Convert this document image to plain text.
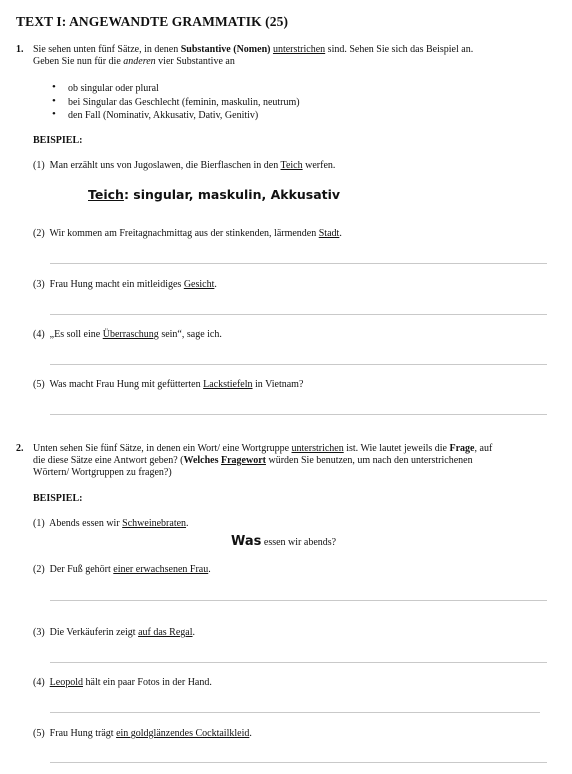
TEXT I: ANGEWANDTE GRAMMATIK (25)
1. Sie sehen unten fünf Sätze, in denen Substantive (Nomen) unterstrichen sind. Sehen Sie sich das Beispiel an.
Geben Sie nun für die anderen vier Substantive an
• ob singular oder plural
• bei Singular das Geschlecht (feminin, maskulin, neutrum)
• den Fall (Nominativ, Akkusativ, Dativ, Genitiv)
BEISPIEL:
(1) Man erzählt uns von Jugoslawen, die Bierflaschen in den Teich werfen.
Teich: singular, maskulin, Akkusativ
(2) Wir kommen am Freitagnachmittag aus der stinkenden, lärmenden Stadt.
(3) Frau Hung macht ein mitleidiges Gesicht.
(4) „Es soll eine Überraschung sein“, sage ich.
(5) Was macht Frau Hung mit gefütterten Lackstiefeln in Vietnam?
2. Unten sehen Sie fünf Sätze, in denen ein Wort/ eine Wortgruppe unterstrichen ist. Wie lautet jeweils die Frage, auf
die diese Sätze eine Antwort geben? (Welches Fragewort würden Sie benutzen, um nach den unterstrichenen
Wörtern/ Wortgruppen zu fragen?)
BEISPIEL:
(1) Abends essen wir Schweinebraten.
Was essen wir abends?
(2) Der Fuß gehört einer erwachsenen Frau.
(3) Die Verkäuferin zeigt auf das Regal.
(4) Leopold hält ein paar Fotos in der Hand.
(5) Frau Hung trägt ein goldglänzendes Cocktailkleid.
